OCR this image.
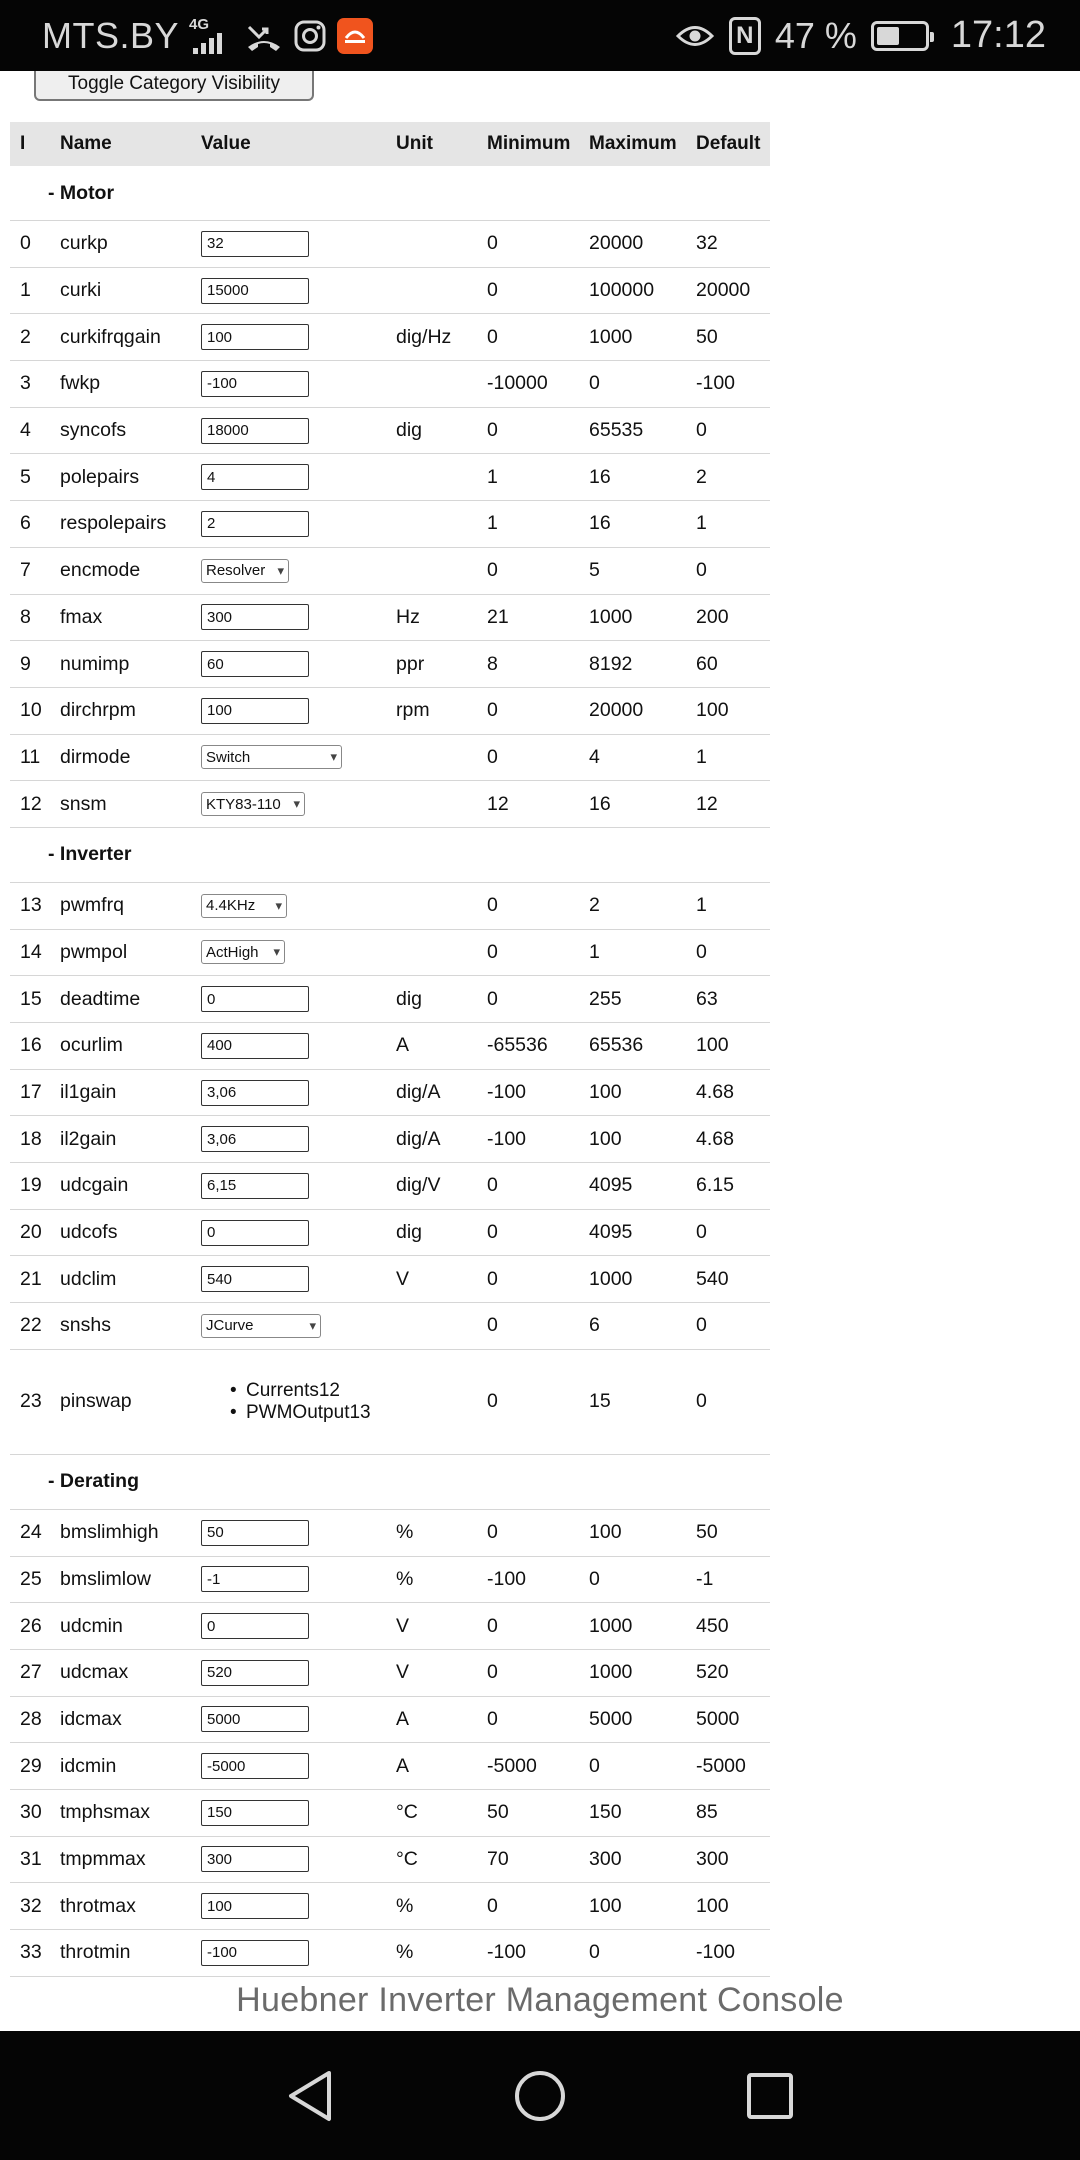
MTS.BY 4G	N 47 % 17:12
Toggle Category Visibility
I Name	Value	Unit	Minimum Maximum Default
- Motor
0 curkp	32	0	20000	32
1 curki	15000	0	100000 20000
2 curkifrqgain	100	dig/Hz 0	1000	50
3 fwkp	-100	-10000 0	-100
4 syncofs	18000	dig	0	65535	0
5 polepairs	4	1	16	2
6 respolepairs	2	1	16	1
7 encmode	Resolver ▾	0	5	0
8 fmax	300	Hz	21	1000	200
9 numimp	60	ppr	8	8192	60
10 dirchrpm	100	rpm	0	20000	100
11 dirmode	Switch	▾	0	4	1
12 snsm	KTY83-110 ▾	12	16	12
- Inverter
13 pwmfrq	4.4KHz ▾	0	2	1
14 pwmpol	ActHigh ▾	0	1	0
15 deadtime	0	dig	0	255	63
16 ocurlim	400	A	-65536 65536	100
17 il1gain	3,06	dig/A -100	100	4.68
18 il2gain	3,06	dig/A -100	100	4.68
19 udcgain	6,15	dig/V 0	4095	6.15
20 udcofs	0	dig	0	4095	0
21 udclim	540	V	0	1000	540
22 snshs	JCurve	▾	0	6	0
23 pinswap
•	Currents12
• PWMOutput13	0	15	0
- Derating
24 bmslimhigh	50	%	0	100	50
25 bmslimlow	-1	%	-100	0	-1
26 udcmin	0	V	0	1000	450
27 udcmax	520	V	0	1000	520
28 idcmax	5000	A	0	5000	5000
29 idcmin	-5000	A	-5000	0	-5000
30 tmphsmax	150	°C	50	150	85
31 tmpmmax	300	°C	70	300	300
32 throtmax	100	%	0	100	100
33 throtmin	-100	%	-100	0	-100
Huebner Inverter Management Console
